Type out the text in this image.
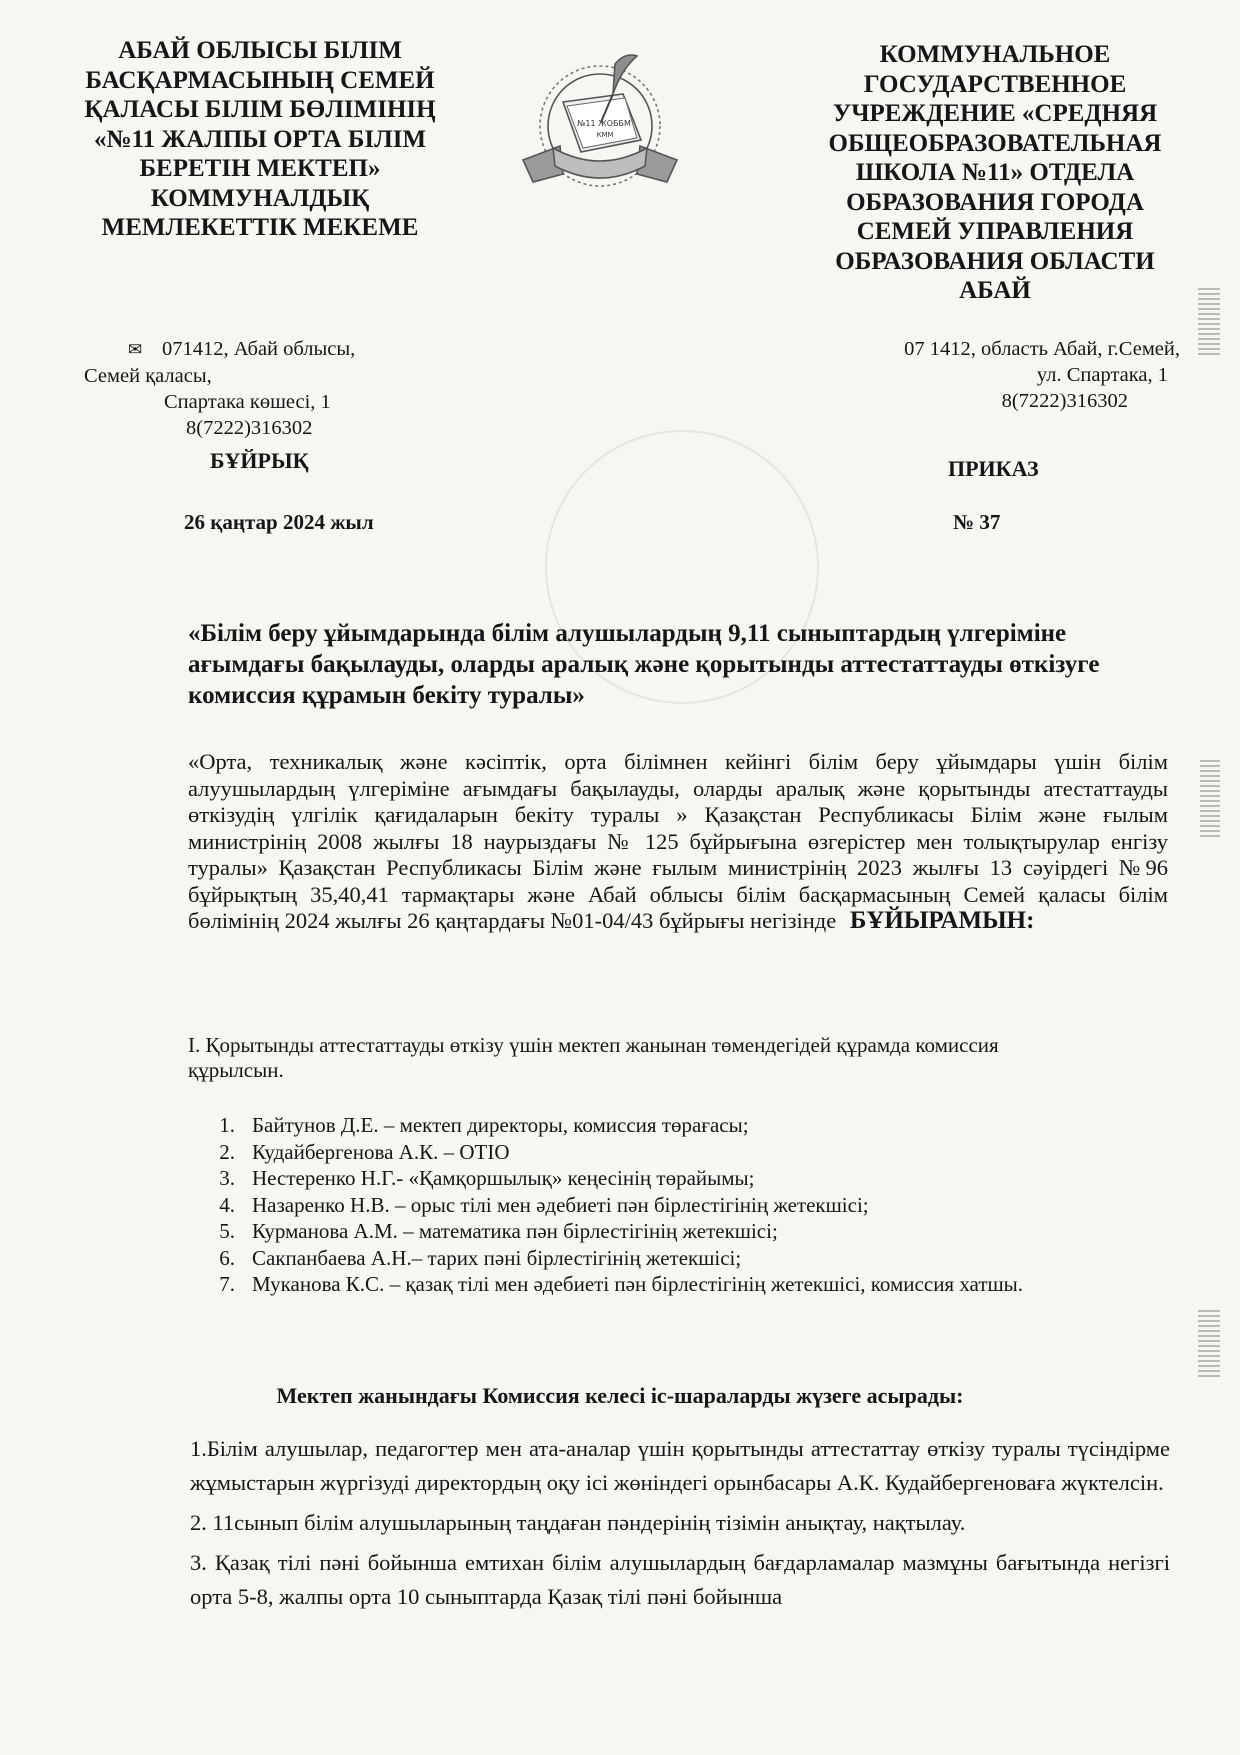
АБАЙ ОБЛЫСЫ БІЛІМ
БАСҚАРМАСЫНЫҢ СЕМЕЙ
ҚАЛАСЫ БІЛІМ БӨЛІМІНІҢ
«№11 ЖАЛПЫ ОРТА БІЛІМ
БЕРЕТІН МЕКТЕП»
КОММУНАЛДЫҚ
МЕМЛЕКЕТТІК МЕКЕМЕ
№11 ЖОББМ
КММ
КОММУНАЛЬНОЕ
ГОСУДАРСТВЕННОЕ
УЧРЕЖДЕНИЕ «СРЕДНЯЯ
ОБЩЕОБРАЗОВАТЕЛЬНАЯ
ШКОЛА №11» ОТДЕЛА
ОБРАЗОВАНИЯ ГОРОДА
СЕМЕЙ УПРАВЛЕНИЯ
ОБРАЗОВАНИЯ ОБЛАСТИ
АБАЙ
✉ 071412, Абай облысы,
Семей қаласы,
Спартака көшесі, 1
8(7222)316302
07 1412, область Абай, г.Семей,
ул. Спартака, 1
8(7222)316302
БҰЙРЫҚ	ПРИКАЗ
26 қаңтар 2024 жыл	№ 37
«Білім беру ұйымдарында білім алушылардың 9,11 сыныптардың үлгеріміне ағымдағы бақылауды, оларды аралық және қорытынды аттестаттауды өткізуге комиссия құрамын бекіту туралы»
«Орта, техникалық және кәсіптік, орта білімнен кейінгі білім беру ұйымдары үшін білім алуушылардың үлгеріміне ағымдағы бақылауды, оларды аралық және қорытынды атестаттауды өткізудің үлгілік қағидаларын бекіту туралы » Қазақстан Республикасы Білім және ғылым министрінің 2008 жылғы 18 наурыздағы № 125 бұйрығына өзгерістер мен толықтырулар енгізу туралы» Қазақстан Республикасы Білім және ғылым министрінің 2023 жылғы 13 сәуірдегі №96 бұйрықтың 35,40,41 тармақтары және Абай облысы білім басқармасының Семей қаласы білім бөлімінің 2024 жылғы 26 қаңтардағы №01-04/43 бұйрығы негізінде БҰЙЫРАМЫН:
І. Қорытынды аттестаттауды өткізу үшін мектеп жанынан төмендегідей құрамда комиссия құрылсын.
1. Байтунов Д.Е. – мектеп директоры, комиссия төрағасы;
2. Кудайбергенова А.К. – ОТІО
3. Нестеренко Н.Г.- «Қамқоршылық» кеңесінің төрайымы;
4. Назаренко Н.В. – орыс тілі мен әдебиеті пән бірлестігінің жетекшісі;
5. Курманова А.М. – математика пән бірлестігінің жетекшісі;
6. Сакпанбаева А.Н.– тарих пәні бірлестігінің жетекшісі;
7. Муканова К.С. – қазақ тілі мен әдебиеті пән бірлестігінің жетекшісі, комиссия хатшы.
Мектеп жанындағы Комиссия келесі іс-шараларды жүзеге асырады:
1.Білім алушылар, педагогтер мен ата-аналар үшін қорытынды аттестаттау өткізу туралы түсіндірме жұмыстарын жүргізуді директордың оқу ісі жөніндегі орынбасары А.К. Кудайбергеноваға жүктелсін.
2. 11сынып білім алушыларының таңдаған пәндерінің тізімін анықтау, нақтылау.
3. Қазақ тілі пәні бойынша емтихан білім алушылардың бағдарламалар мазмұны бағытында негізгі орта 5-8, жалпы орта 10 сыныптарда Қазақ тілі пәні бойынша
